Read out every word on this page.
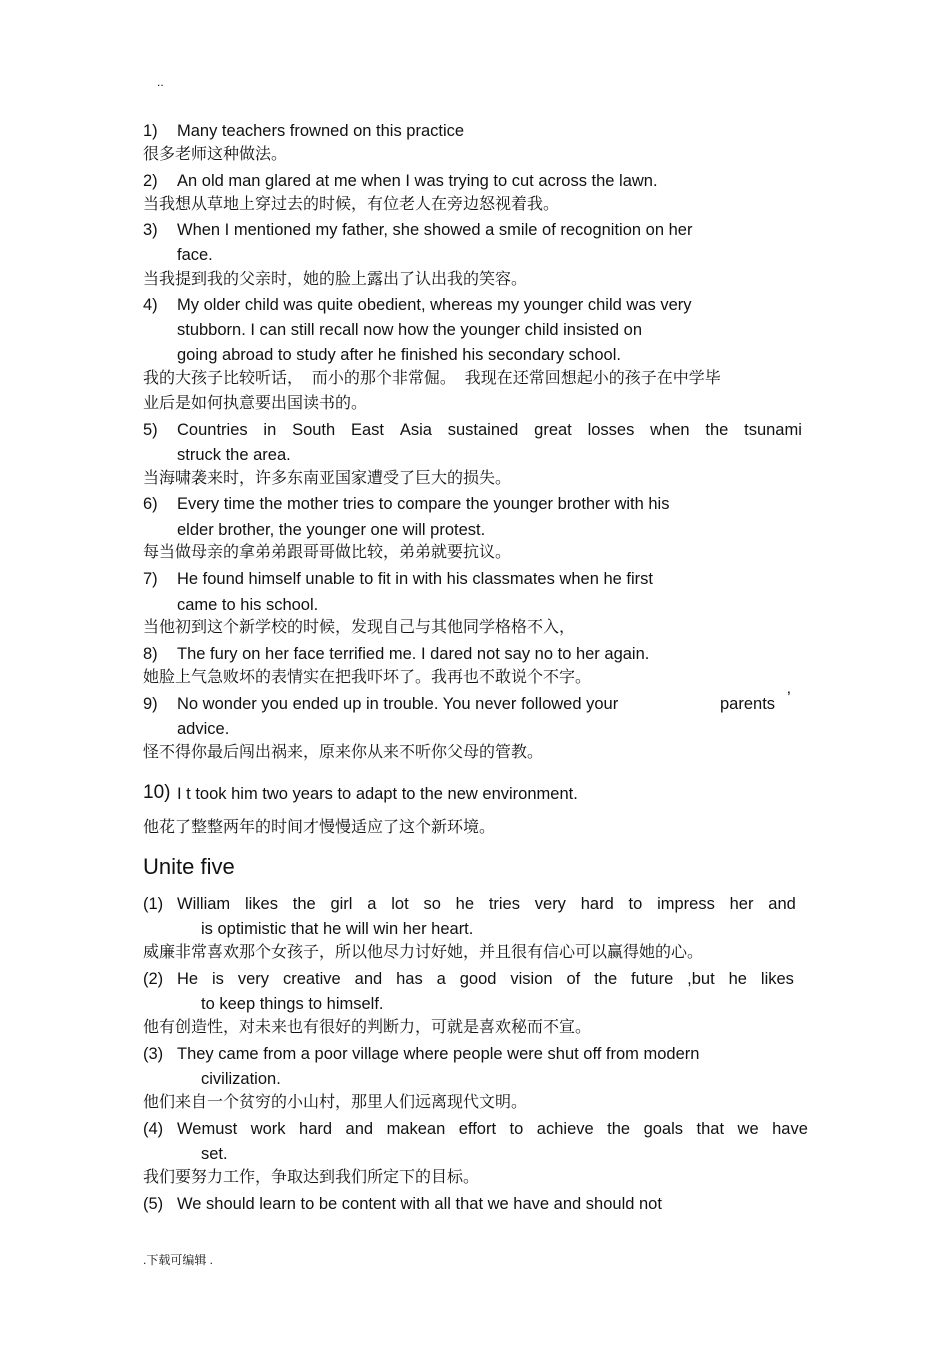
..
1) Many teachers frowned on this practice
很多老师这种做法。
2) An old man glared at me when I was trying to cut across the lawn.
当我想从草地上穿过去的时候，有位老人在旁边怒视着我。
3) When I mentioned my father, she showed a smile of recognition on her
face.
当我提到我的父亲时，她的脸上露出了认出我的笑容。
4) My older child was quite obedient, whereas my younger child was very
stubborn. I can still recall now how the younger child insisted on
going abroad to study after he finished his secondary school.
我的大孩子比较听话，  而小的那个非常倔。  我现在还常回想起小的孩子在中学毕
业后是如何执意要出国读书的。
5) Countries in South East Asia sustained great losses when the tsunami
struck the area.
当海啸袭来时，许多东南亚国家遭受了巨大的损失。
6) Every time the mother tries to compare the younger brother with his
elder brother, the younger one will protest.
每当做母亲的拿弟弟跟哥哥做比较，弟弟就要抗议。
7) He found himself unable to fit in with his classmates when he first
came to his school.
当他初到这个新学校的时候，发现自己与其他同学格格不入，
8) The fury on her face terrified me. I dared not say no to her again.
她脸上气急败坏的表情实在把我吓坏了。我再也不敢说个不字。
9) No wonder you ended up in trouble. You never followed your	parents ’
advice.
怪不得你最后闯出祸来，原来你从来不听你父母的管教。
10) I t took him two years to adapt to the new environment.
他花了整整两年的时间才慢慢适应了这个新环境。
Unite five
(1) William likes the girl a lot so he tries very hard to impress her and
is optimistic that he will win her heart.
威廉非常喜欢那个女孩子，所以他尽力讨好她，并且很有信心可以赢得她的心。
(2) He is very creative and has a good vision of the future ,but he likes
to keep things to himself.
他有创造性，对未来也有很好的判断力，可就是喜欢秘而不宣。
(3) They came from a poor village where people were shut off from modern
civilization.
他们来自一个贫穷的小山村，那里人们远离现代文明。
(4) Wemust work hard and makean effort to achieve the goals that we have
set.
我们要努力工作，争取达到我们所定下的目标。
(5) We should learn to be content with all that we have and should not
.下载可编辑 .
